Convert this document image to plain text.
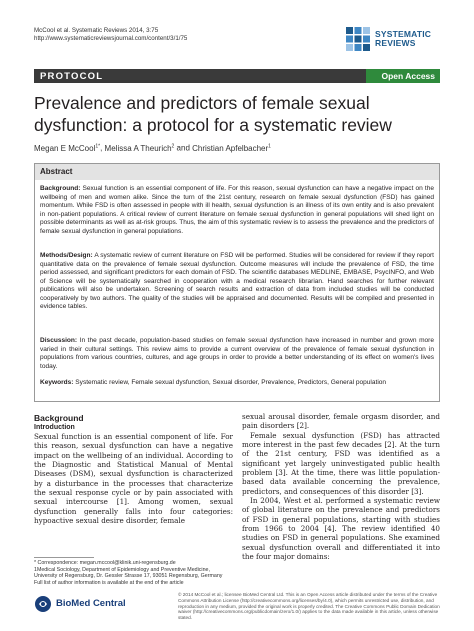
McCool et al. Systematic Reviews 2014, 3:75
http://www.systematicreviewsjournal.com/content/3/1/75	SYSTEMATIC
REVIEWS
PROTOCOL	Open Access
Prevalence and predictors of female sexual dysfunction: a protocol for a systematic review
Megan E McCool$^{1*}$, Melissa A Theurich$^2$ and Christian Apfelbacher$^1$
Abstract
Background: Sexual function is an essential component of life. For this reason, sexual dysfunction can have a negative impact on the wellbeing of men and women alike. Since the turn of the 21st century, research on female sexual dysfunction (FSD) has gained momentum. While FSD is often assessed in people with ill health, sexual dysfunction is an illness of its own entity and is also prevalent in non-patient populations. A critical review of current literature on female sexual dysfunction in general populations will shed light on possible determinants as well as at-risk groups. Thus, the aim of this systematic review is to assess the prevalence and the predictors of female sexual dysfunction in general populations.
Methods/Design: A systematic review of current literature on FSD will be performed. Studies will be considered for review if they report quantitative data on the prevalence of female sexual dysfunction. Outcome measures will include the prevalence of FSD, the time period assessed, and significant predictors for each domain of FSD. The scientific databases MEDLINE, EMBASE, PsycINFO, and Web of Science will be systematically searched in cooperation with a medical research librarian. Hand searches for further relevant publications will also be undertaken. Screening of search results and extraction of data from included studies will be conducted cooperatively by two authors. The quality of the studies will be appraised and documented. Results will be compiled and presented in evidence tables.
Discussion: In the past decade, population-based studies on female sexual dysfunction have increased in number and grown more varied in their cultural settings. This review aims to provide a current overview of the prevalence of female sexual dysfunction in populations from various countries, cultures, and age groups in order to provide a better understanding of its effect on women's lives today.
Keywords: Systematic review, Female sexual dysfunction, Sexual disorder, Prevalence, Predictors, General population
Background
Introduction
Sexual function is an essential component of life. For this reason, sexual dysfunction can have a negative impact on the wellbeing of an individual. According to the Diagnostic and Statistical Manual of Mental Diseases (DSM), sexual dysfunction is characterized by a disturbance in the processes that characterize the sexual response cycle or by pain associated with sexual intercourse [1]. Among women, sexual dysfunction generally falls into four categories: hypoactive sexual desire disorder, female
sexual arousal disorder, female orgasm disorder, and pain disorders [2].
Female sexual dysfunction (FSD) has attracted more interest in the past few decades [2]. At the turn of the 21st century, FSD was identified as a significant yet largely uninvestigated public health problem [3]. At the time, there was little population-based data available concerning the prevalence, predictors, and consequences of this disorder [3].
In 2004, West et al. performed a systematic review of global literature on the prevalence and predictors of FSD in general populations, starting with studies from 1966 to 2004 [4]. The review identified 40 studies on FSD in general populations. She examined sexual dysfunction overall and differentiated it into the four major domains:
* Correspondence: megan.mccool@klinik.uni-regensburg.de
1Medical Sociology, Department of Epidemiology and Preventive Medicine, University of Regensburg, Dr. Gessler Strasse 17, 93051 Regensburg, Germany
Full list of author information is available at the end of the article
BioMed Central
© 2014 McCool et al.; licensee BioMed Central Ltd. This is an Open Access article distributed under the terms of the Creative Commons Attribution License (http://creativecommons.org/licenses/by/4.0), which permits unrestricted use, distribution, and reproduction in any medium, provided the original work is properly credited. The Creative Commons Public Domain Dedication waiver (http://creativecommons.org/publicdomain/zero/1.0/) applies to the data made available in this article, unless otherwise stated.
